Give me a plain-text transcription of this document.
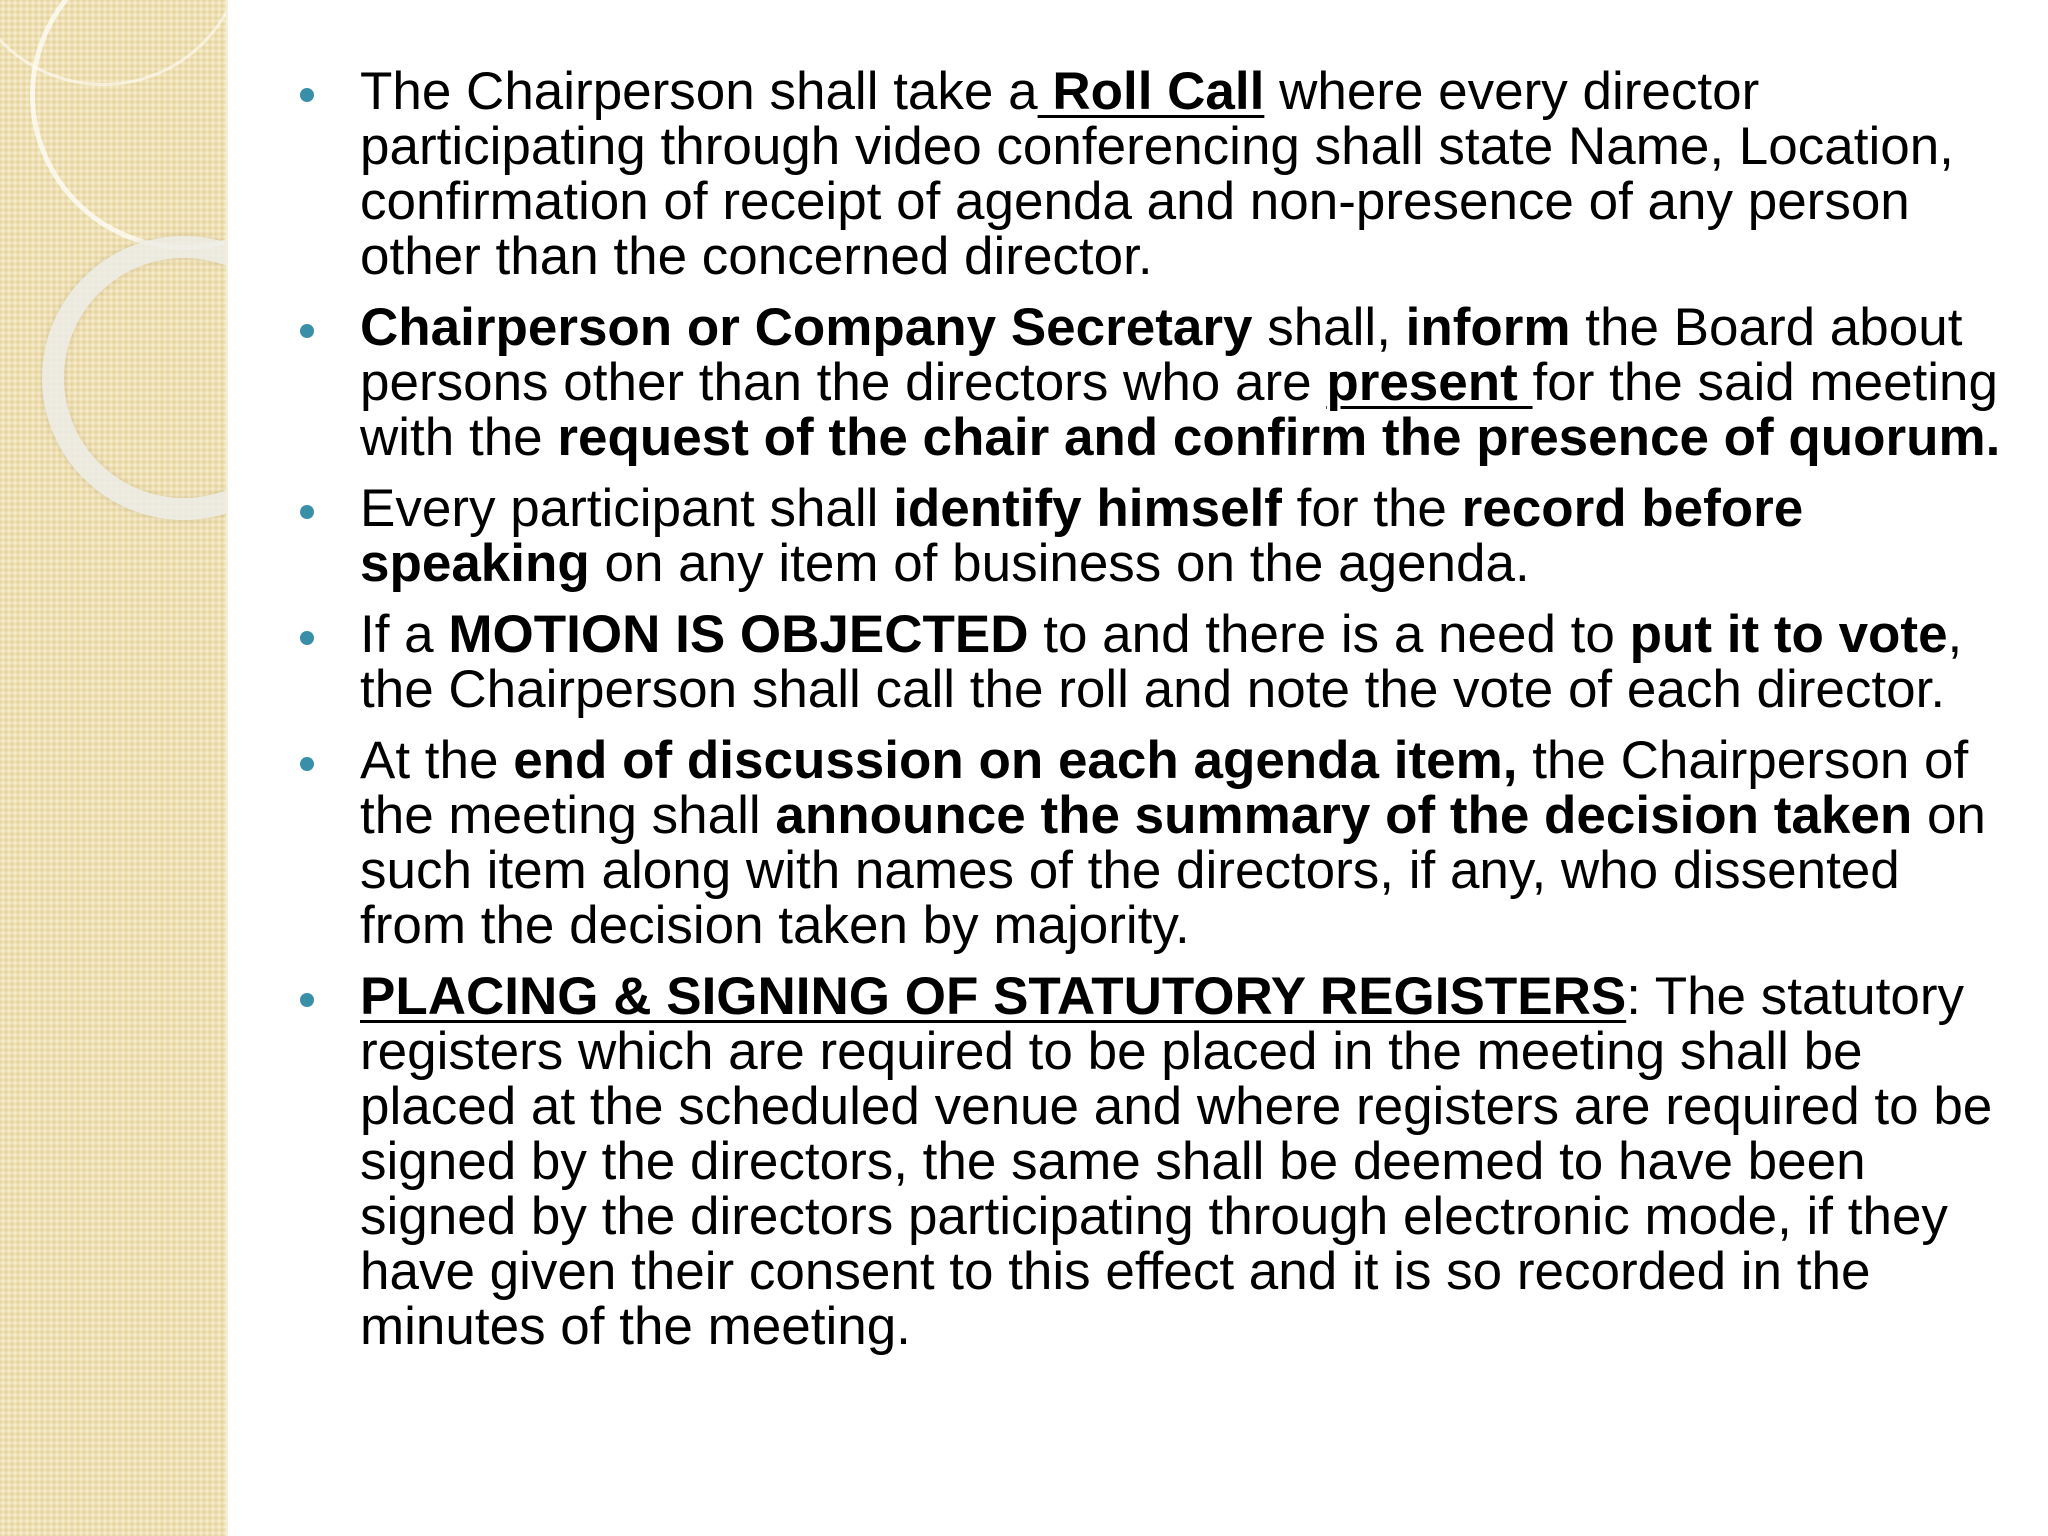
The Chairperson shall take a Roll Call where every director participating through video conferencing shall state Name, Location, confirmation of receipt of agenda and non-presence of any person other than the concerned director.
Chairperson or Company Secretary shall, inform the Board about persons other than the directors who are present for the said meeting with the request of the chair and confirm the presence of quorum.
Every participant shall identify himself for the record before speaking on any item of business on the agenda.
If a MOTION IS OBJECTED to and there is a need to put it to vote, the Chairperson shall call the roll and note the vote of each director.
At the end of discussion on each agenda item, the Chairperson of the meeting shall announce the summary of the decision taken on such item along with names of the directors, if any, who dissented from the decision taken by majority.
PLACING & SIGNING OF STATUTORY REGISTERS: The statutory registers which are required to be placed in the meeting shall be placed at the scheduled venue and where registers are required to be signed by the directors, the same shall be deemed to have been signed by the directors participating through electronic mode, if they have given their consent to this effect and it is so recorded in the minutes of the meeting.
